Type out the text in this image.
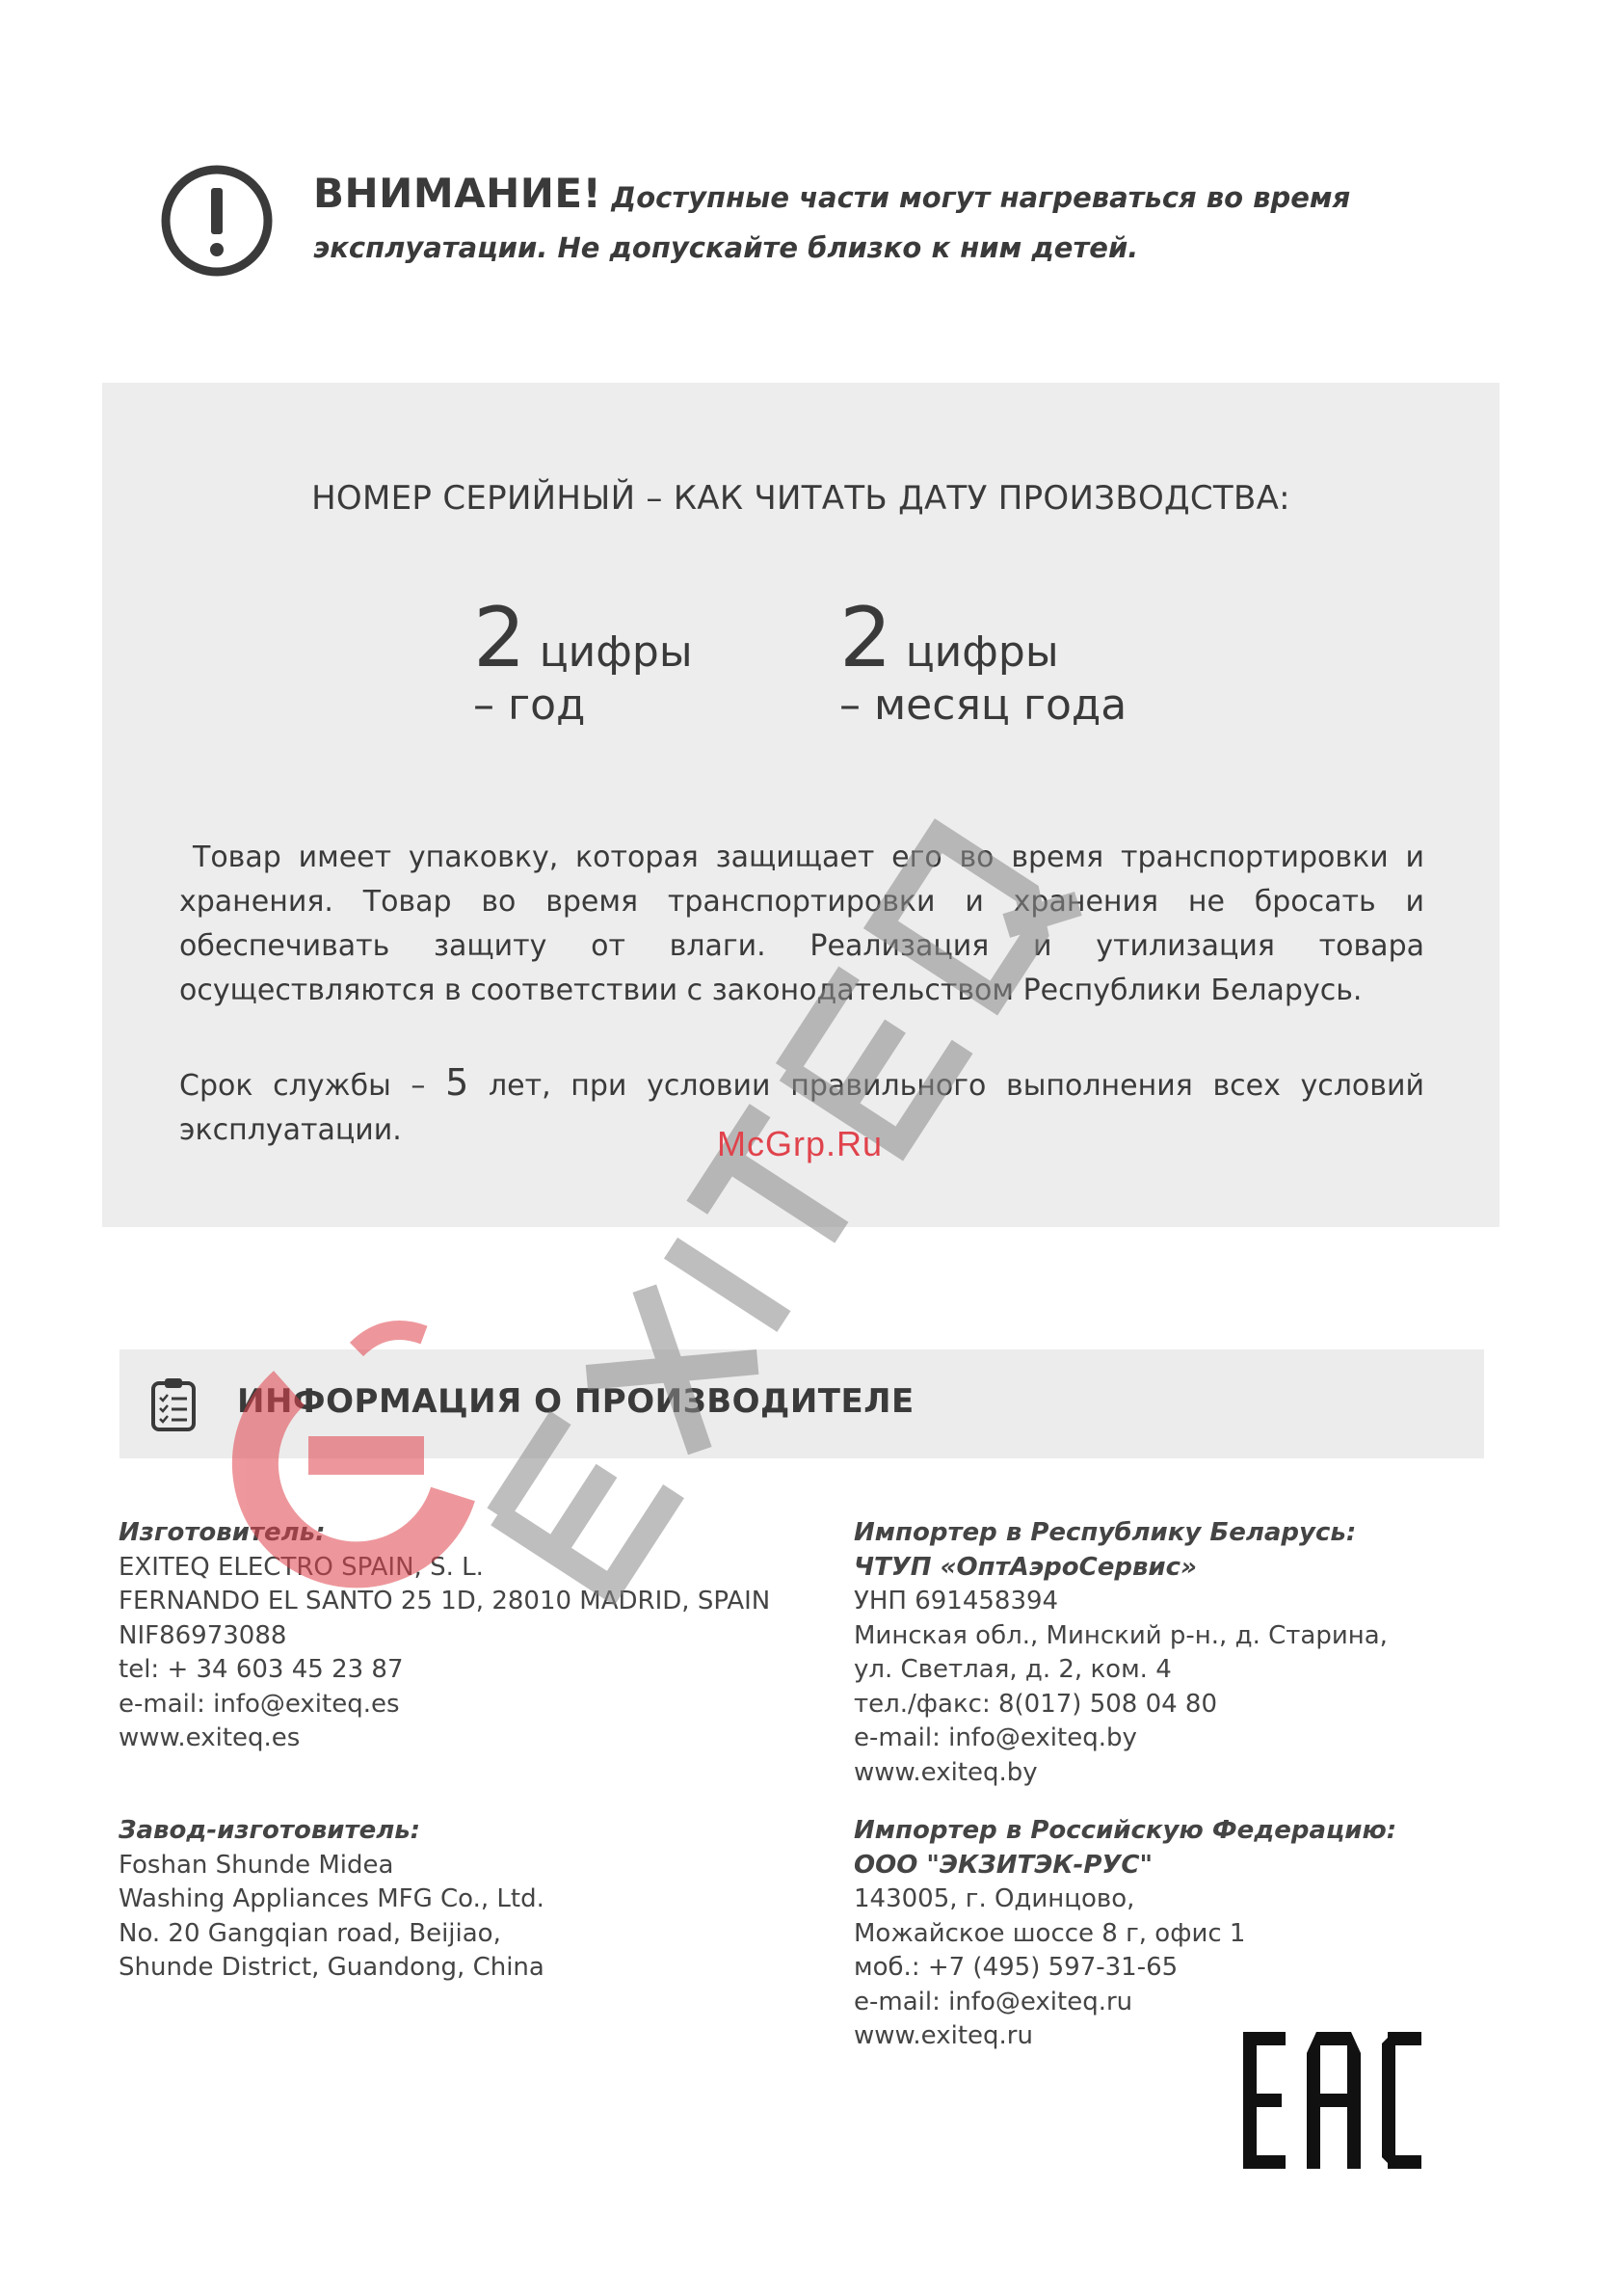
ВНИМАНИЕ! Доступные части могут нагреваться во время
эксплуатации. Не допускайте близко к ним детей.
НОМЕР СЕРИЙНЫЙ – КАК ЧИТАТЬ ДАТУ ПРОИЗВОДСТВА:
2 цифры
– год
2 цифры
– месяц года

Товар имеет упаковку, которая защищает его во время транспортировки и хранения. Товар во время транспортировки и хранения не бросать и обеспечивать защиту от влаги. Реализация и утилизация товара осуществляются в соответствии с законодательством Республики Беларусь.

Срок службы – 5 лет, при условии правильного выполнения всех условий эксплуатации.

ИНФОРМАЦИЯ О ПРОИЗВОДИТЕЛЕ
Изготовитель:
EXITEQ ELECTRO SPAIN, S. L.
FERNANDO EL SANTO 25 1D, 28010 MADRID, SPAIN
NIF86973088
tel: + 34 603 45 23 87
e-mail: info@exiteq.es
www.exiteq.es
Завод-изготовитель:
Foshan Shunde Midea
Washing Appliances MFG Co., Ltd.
No. 20 Gangqian road, Beijiao,
Shunde District, Guandong, China
Импортер в Республику Беларусь:
ЧТУП «ОптАэроСервис»
УНП 691458394
Минская обл., Минский р-н., д. Старина,
ул. Светлая, д. 2, ком. 4
тел./факс: 8(017) 508 04 80
e-mail: info@exiteq.by
www.exiteq.by
Импортер в Российскую Федерацию:
ООО "ЭКЗИТЭК-РУС"
143005, г. Одинцово,
Можайское шоссе 8 г, офис 1
моб.: +7 (495) 597-31-65
e-mail: info@exiteq.ru
www.exiteq.ru
McGrp.Ru
